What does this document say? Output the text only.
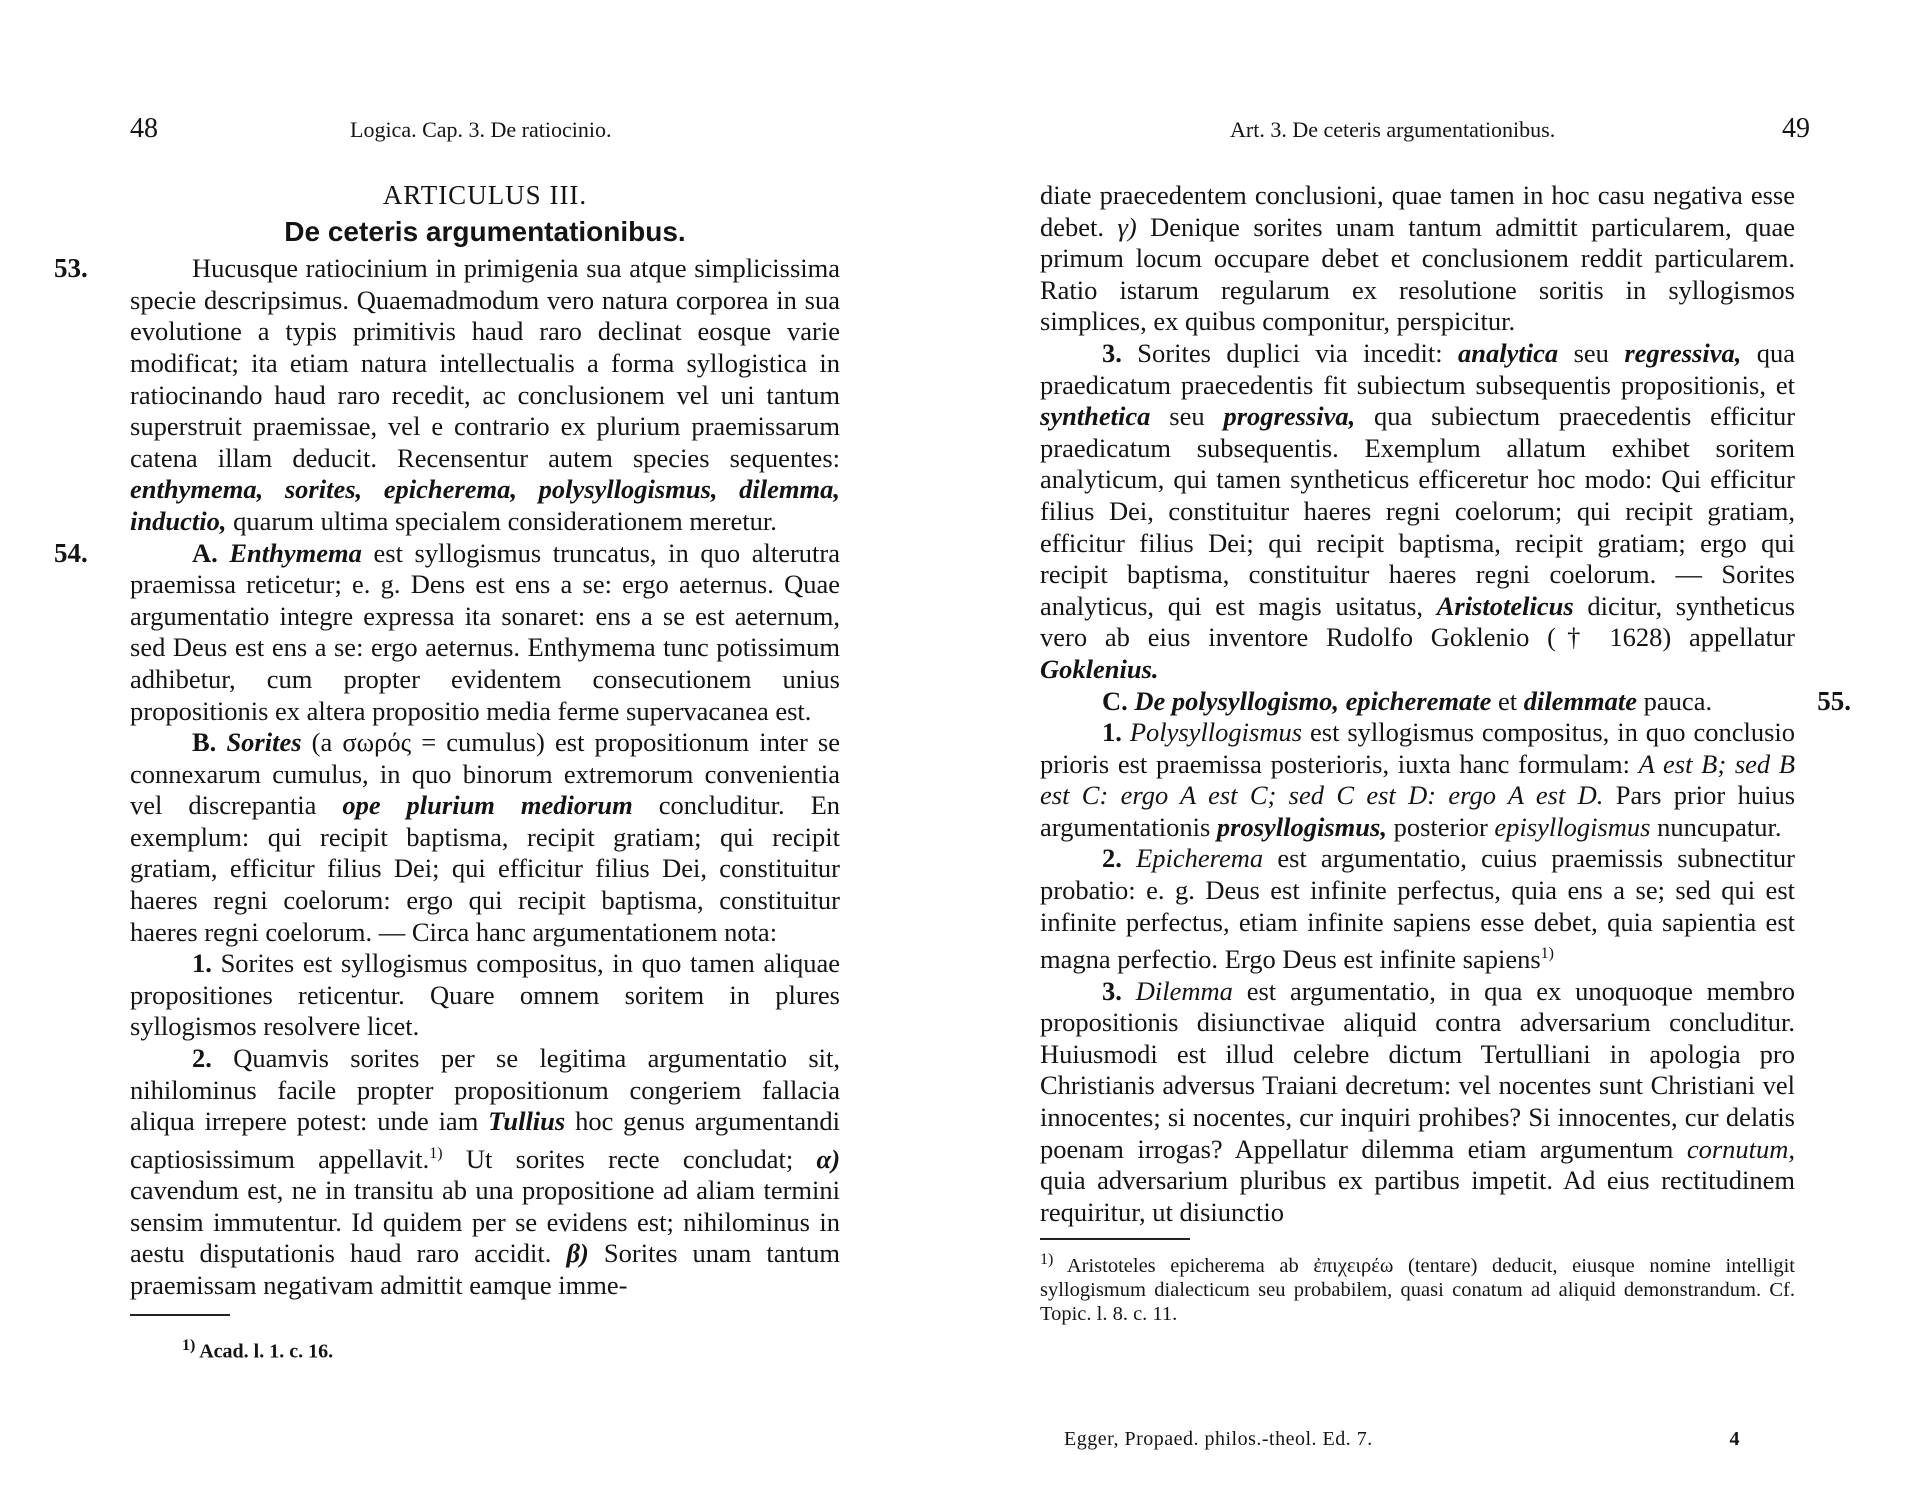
48	Logica. Cap. 3. De ratiocinio.
ARTICULUS III.
De ceteris argumentationibus.

53.	Hucusque ratiocinium in primigenia sua atque simplicissima specie descripsimus. Quaemadmodum vero natura corporea in sua evolutione a typis primitivis haud raro declinat eosque varie modificat; ita etiam natura intellectualis a forma syllogistica in ratiocinando haud raro recedit, ac conclusionem vel uni tantum superstruit praemissae, vel e contrario ex plurium praemissarum catena illam deducit. Recensentur autem species sequentes: enthymema, sorites, epicherema, polysyllogismus, dilemma, inductio, quarum ultima specialem considerationem meretur.

54.	A. Enthymema est syllogismus truncatus, in quo alterutra praemissa reticetur; e. g. Dens est ens a se: ergo aeternus. Quae argumentatio integre expressa ita sonaret: ens a se est aeternum, sed Deus est ens a se: ergo aeternus. Enthymema tunc potissimum adhibetur, cum propter evidentem consecutionem unius propositionis ex altera propositio media ferme supervacanea est.

B. Sorites (a σωρός = cumulus) est propositionum inter se connexarum cumulus, in quo binorum extremorum convenientia vel discrepantia ope plurium mediorum concluditur. En exemplum: qui recipit baptisma, recipit gratiam; qui recipit gratiam, efficitur filius Dei; qui efficitur filius Dei, constituitur haeres regni coelorum: ergo qui recipit baptisma, constituitur haeres regni coelorum. — Circa hanc argumentationem nota:

1. Sorites est syllogismus compositus, in quo tamen aliquae propositiones reticentur. Quare omnem soritem in plures syllogismos resolvere licet.

2. Quamvis sorites per se legitima argumentatio sit, nihilominus facile propter propositionum congeriem fallacia aliqua irrepere potest: unde iam Tullius hoc genus argumentandi captiosissimum appellavit.$^{1)}$ Ut sorites recte concludat; α) cavendum est, ne in transitu ab una propositione ad aliam termini sensim immutentur. Id quidem per se evidens est; nihilominus in aestu disputationis haud raro accidit. β) Sorites unam tantum praemissam negativam admittit eamque imme-

$^{1)}$ Acad. l. 1. c. 16.
Art. 3. De ceteris argumentationibus.	49

diate praecedentem conclusioni, quae tamen in hoc casu negativa esse debet. γ) Denique sorites unam tantum admittit particularem, quae primum locum occupare debet et conclusionem reddit particularem. Ratio istarum regularum ex resolutione soritis in syllogismos simplices, ex quibus componitur, perspicitur.

3. Sorites duplici via incedit: analytica seu regressiva, qua praedicatum praecedentis fit subiectum subsequentis propositionis, et synthetica seu progressiva, qua subiectum praecedentis efficitur praedicatum subsequentis. Exemplum allatum exhibet soritem analyticum, qui tamen syntheticus efficeretur hoc modo: Qui efficitur filius Dei, constituitur haeres regni coelorum; qui recipit gratiam, efficitur filius Dei; qui recipit baptisma, recipit gratiam; ergo qui recipit baptisma, constituitur haeres regni coelorum. — Sorites analyticus, qui est magis usitatus, Aristotelicus dicitur, syntheticus vero ab eius inventore Rudolfo Goklenio († 1628) appellatur Goklenius.

55.
C. De polysyllogismo, epicheremate et dilemmate pauca.

1. Polysyllogismus est syllogismus compositus, in quo conclusio prioris est praemissa posterioris, iuxta hanc formulam: A est B; sed B est C: ergo A est C; sed C est D: ergo A est D. Pars prior huius argumentationis prosyllogismus, posterior episyllogismus nuncupatur.

2. Epicherema est argumentatio, cuius praemissis subnectitur probatio: e. g. Deus est infinite perfectus, quia ens a se; sed qui est infinite perfectus, etiam infinite sapiens esse debet, quia sapientia est magna perfectio. Ergo Deus est infinite sapiens$^{1)}$

3. Dilemma est argumentatio, in qua ex unoquoque membro propositionis disiunctivae aliquid contra adversarium concluditur. Huiusmodi est illud celebre dictum Tertulliani in apologia pro Christianis adversus Traiani decretum: vel nocentes sunt Christiani vel innocentes; si nocentes, cur inquiri prohibes? Si innocentes, cur delatis poenam irrogas? Appellatur dilemma etiam argumentum cornutum, quia adversarium pluribus ex partibus impetit. Ad eius rectitudinem requiritur, ut disiunctio

$^{1)}$ Aristoteles epicherema ab ἐπιχειρέω (tentare) deducit, eiusque nomine intelligit syllogismum dialecticum seu probabilem, quasi conatum ad aliquid demonstrandum. Cf. Topic. l. 8. c. 11.
Egger, Propaed. philos.-theol. Ed. 7.	4
